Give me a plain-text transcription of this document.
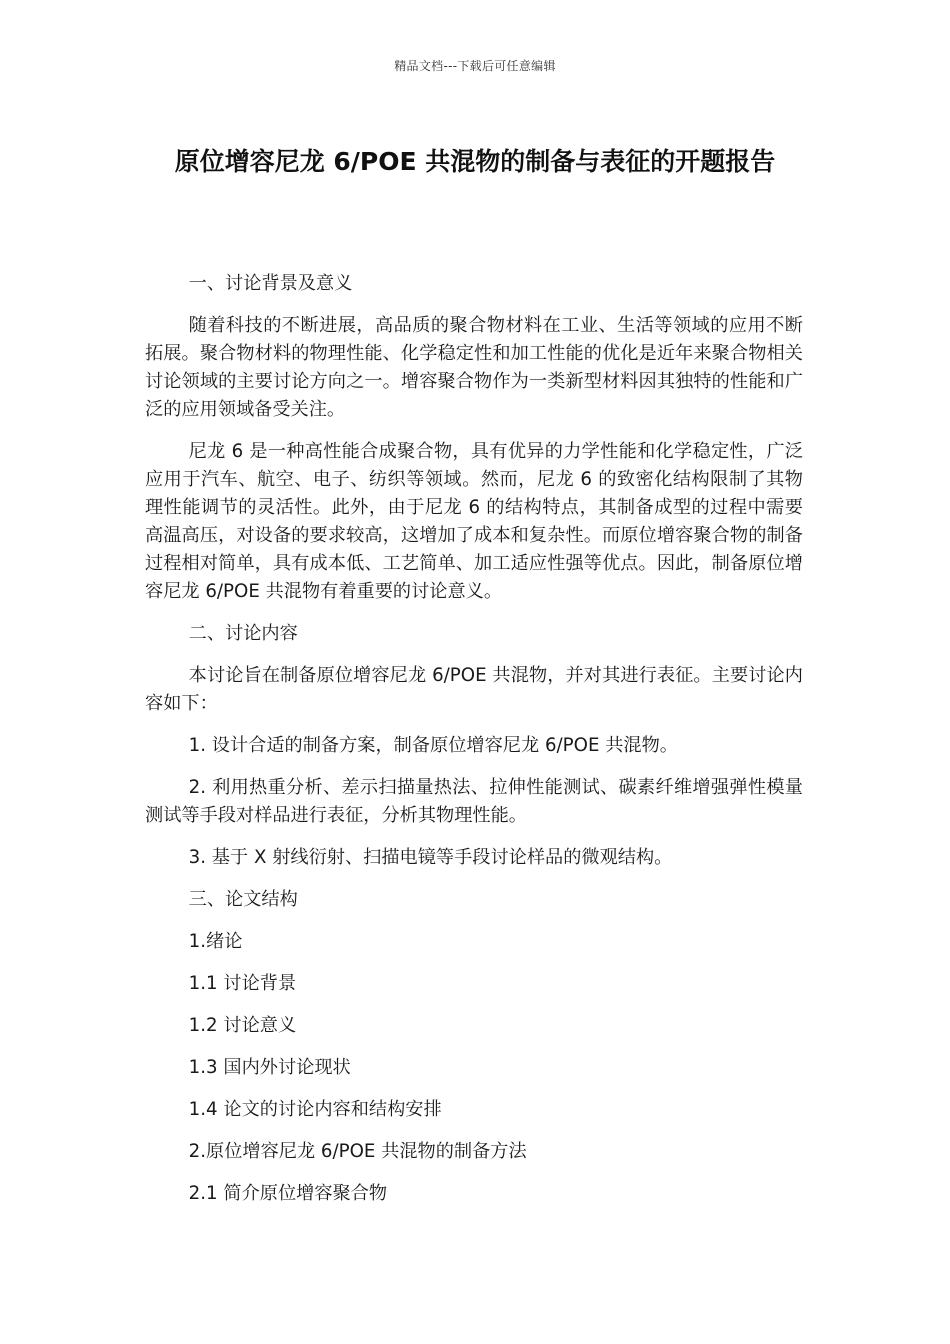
精品文档---下载后可任意编辑
原位增容尼龙 6/POE 共混物的制备与表征的开题报告

一、讨论背景及意义

随着科技的不断进展，高品质的聚合物材料在工业、生活等领域的应用不断拓展。聚合物材料的物理性能、化学稳定性和加工性能的优化是近年来聚合物相关讨论领域的主要讨论方向之一。增容聚合物作为一类新型材料因其独特的性能和广泛的应用领域备受关注。

尼龙 6 是一种高性能合成聚合物，具有优异的力学性能和化学稳定性，广泛应用于汽车、航空、电子、纺织等领域。然而，尼龙 6 的致密化结构限制了其物理性能调节的灵活性。此外，由于尼龙 6 的结构特点，其制备成型的过程中需要高温高压，对设备的要求较高，这增加了成本和复杂性。而原位增容聚合物的制备过程相对简单，具有成本低、工艺简单、加工适应性强等优点。因此，制备原位增容尼龙 6/POE 共混物有着重要的讨论意义。

二、讨论内容

本讨论旨在制备原位增容尼龙 6/POE 共混物，并对其进行表征。主要讨论内容如下：

1. 设计合适的制备方案，制备原位增容尼龙 6/POE 共混物。

2. 利用热重分析、差示扫描量热法、拉伸性能测试、碳素纤维增强弹性模量测试等手段对样品进行表征，分析其物理性能。

3. 基于 X 射线衍射、扫描电镜等手段讨论样品的微观结构。

三、论文结构

1.绪论

1.1 讨论背景

1.2 讨论意义

1.3 国内外讨论现状

1.4 论文的讨论内容和结构安排

2.原位增容尼龙 6/POE 共混物的制备方法

2.1 简介原位增容聚合物
